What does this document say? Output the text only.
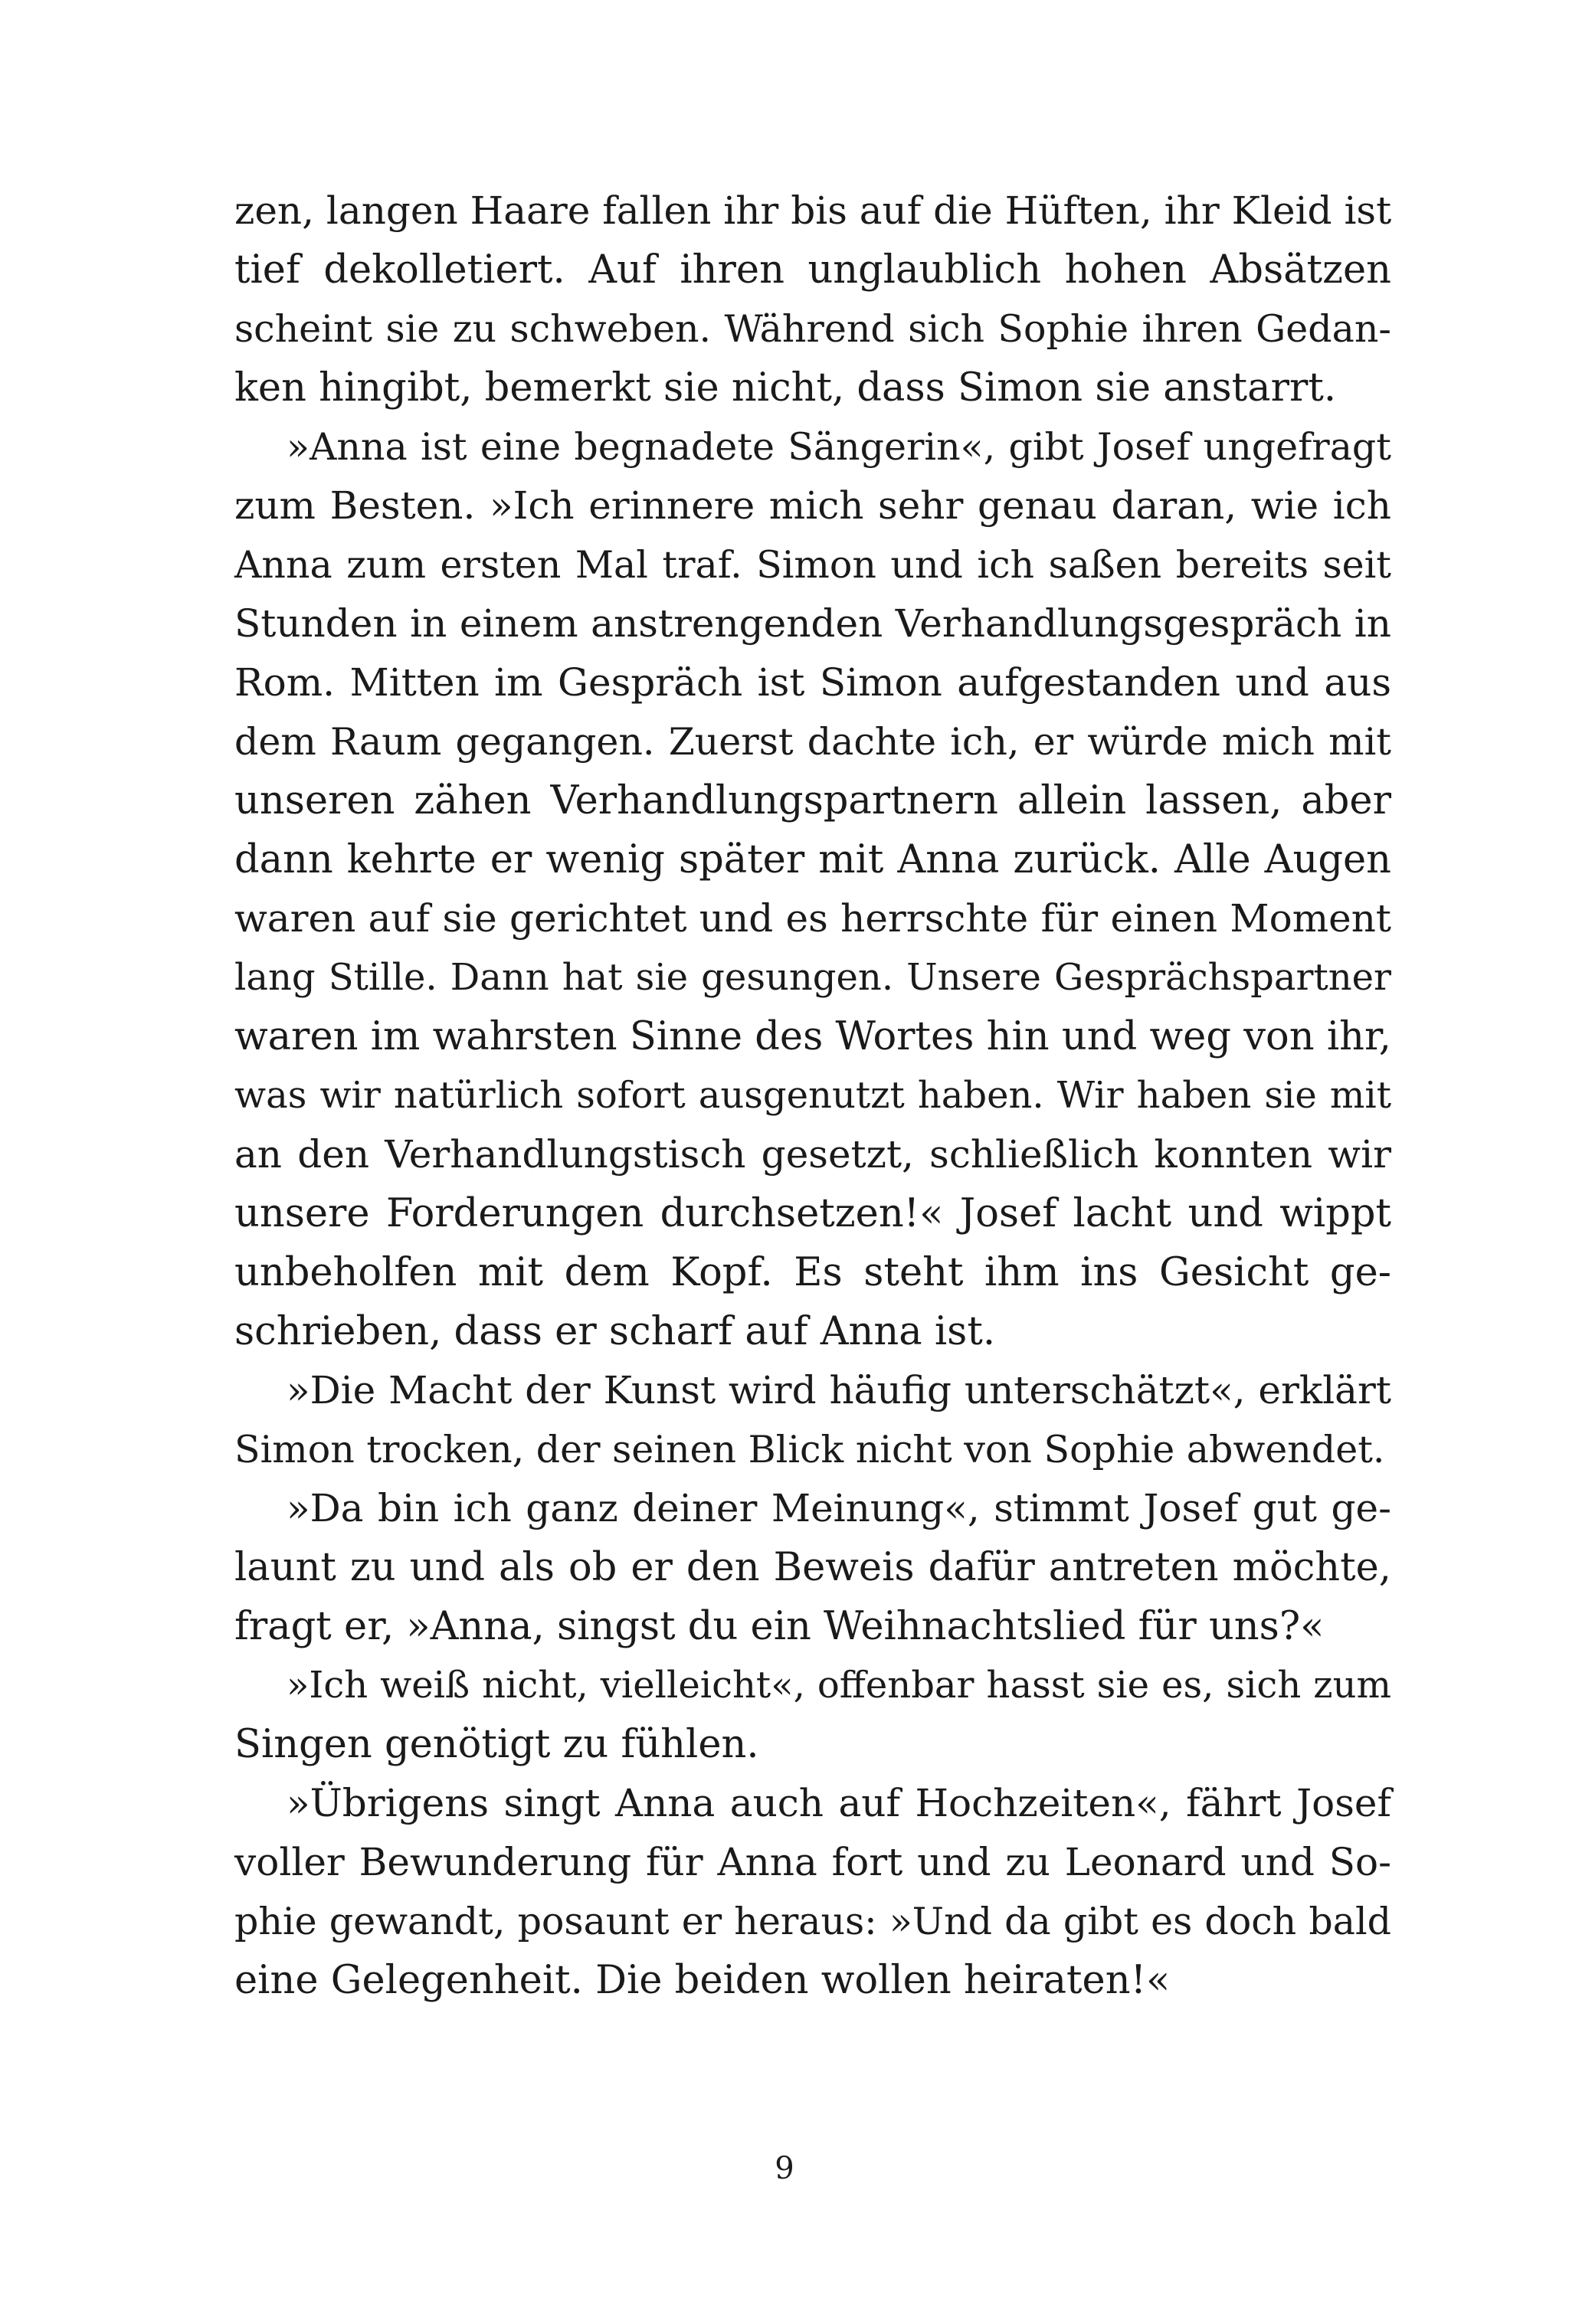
zen, langen Haare fallen ihr bis auf die Hüften, ihr Kleid ist
tief dekolletiert. Auf ihren unglaublich hohen Absätzen
scheint sie zu schweben. Während sich Sophie ihren Gedan-
ken hingibt, bemerkt sie nicht, dass Simon sie anstarrt.
»Anna ist eine begnadete Sängerin«, gibt Josef ungefragt
zum Besten. »Ich erinnere mich sehr genau daran, wie ich
Anna zum ersten Mal traf. Simon und ich saßen bereits seit
Stunden in einem anstrengenden Verhandlungsgespräch in
Rom. Mitten im Gespräch ist Simon aufgestanden und aus
dem Raum gegangen. Zuerst dachte ich, er würde mich mit
unseren zähen Verhandlungspartnern allein lassen, aber
dann kehrte er wenig später mit Anna zurück. Alle Augen
waren auf sie gerichtet und es herrschte für einen Moment
lang Stille. Dann hat sie gesungen. Unsere Gesprächspartner
waren im wahrsten Sinne des Wortes hin und weg von ihr,
was wir natürlich sofort ausgenutzt haben. Wir haben sie mit
an den Verhandlungstisch gesetzt, schließlich konnten wir
unsere Forderungen durchsetzen!« Josef lacht und wippt
unbeholfen mit dem Kopf. Es steht ihm ins Gesicht ge-
schrieben, dass er scharf auf Anna ist.
»Die Macht der Kunst wird häufig unterschätzt«, erklärt
Simon trocken, der seinen Blick nicht von Sophie abwendet.
»Da bin ich ganz deiner Meinung«, stimmt Josef gut ge-
launt zu und als ob er den Beweis dafür antreten möchte,
fragt er, »Anna, singst du ein Weihnachtslied für uns?«
»Ich weiß nicht, vielleicht«, offenbar hasst sie es, sich zum
Singen genötigt zu fühlen.
»Übrigens singt Anna auch auf Hochzeiten«, fährt Josef
voller Bewunderung für Anna fort und zu Leonard und So-
phie gewandt, posaunt er heraus: »Und da gibt es doch bald
eine Gelegenheit. Die beiden wollen heiraten!«
9
